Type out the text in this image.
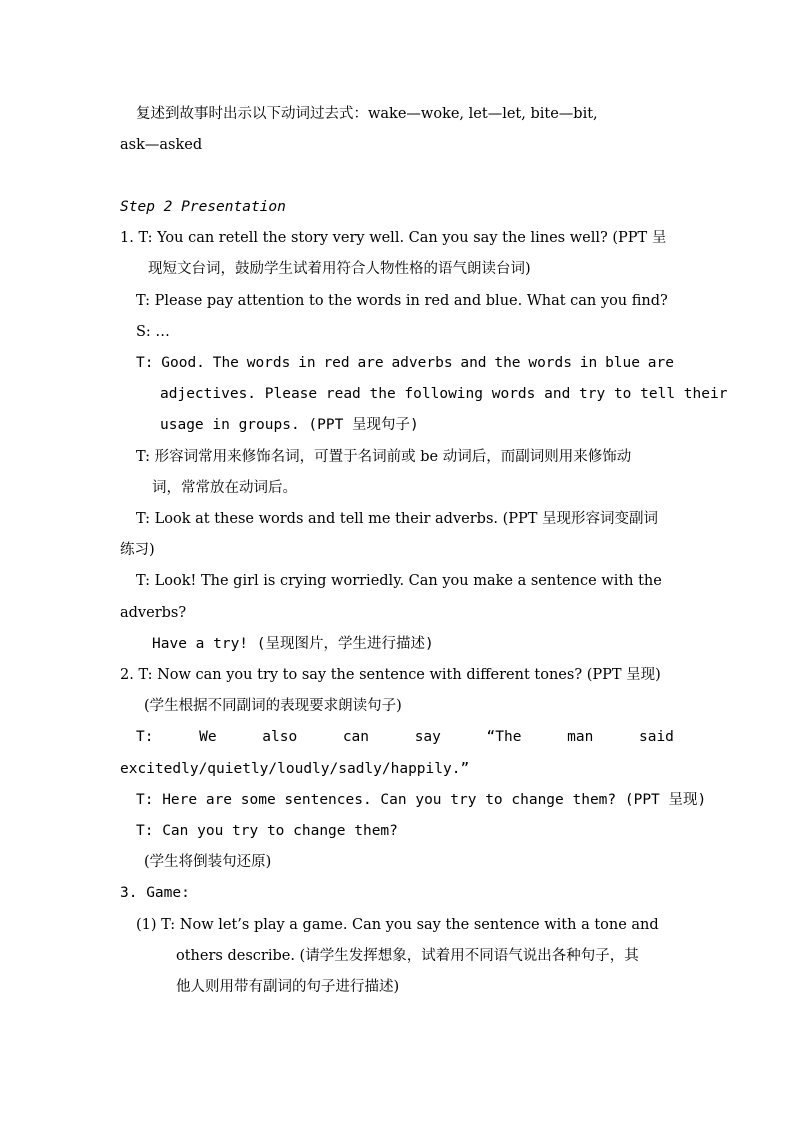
复述到故事时出示以下动词过去式：wake—woke, let—let, bite—bit,
ask—asked
Step 2 Presentation
1. T: You can retell the story very well. Can you say the lines well? (PPT 呈
现短文台词，鼓励学生试着用符合人物性格的语气朗读台词)
T: Please pay attention to the words in red and blue. What can you find?
S: …
T: Good. The words in red are adverbs and the words in blue are
adjectives. Please read the following words and try to tell their
usage in groups. (PPT 呈现句子)
T: 形容词常用来修饰名词，可置于名词前或 be 动词后，而副词则用来修饰动
词，常常放在动词后。
T: Look at these words and tell me their adverbs. (PPT 呈现形容词变副词
练习)
T: Look! The girl is crying worriedly. Can you make a sentence with the
adverbs?
Have a try! (呈现图片，学生进行描述)
2. T: Now can you try to say the sentence with different tones? (PPT 呈现)
(学生根据不同副词的表现要求朗读句子)
T:	We	also	can	say	“The	man	said
excitedly/quietly/loudly/sadly/happily.”
T: Here are some sentences. Can you try to change them? (PPT 呈现)
T: Can you try to change them?
(学生将倒装句还原)
3. Game:
(1) T: Now let’s play a game. Can you say the sentence with a tone and
others describe. (请学生发挥想象，试着用不同语气说出各种句子，其
他人则用带有副词的句子进行描述)
